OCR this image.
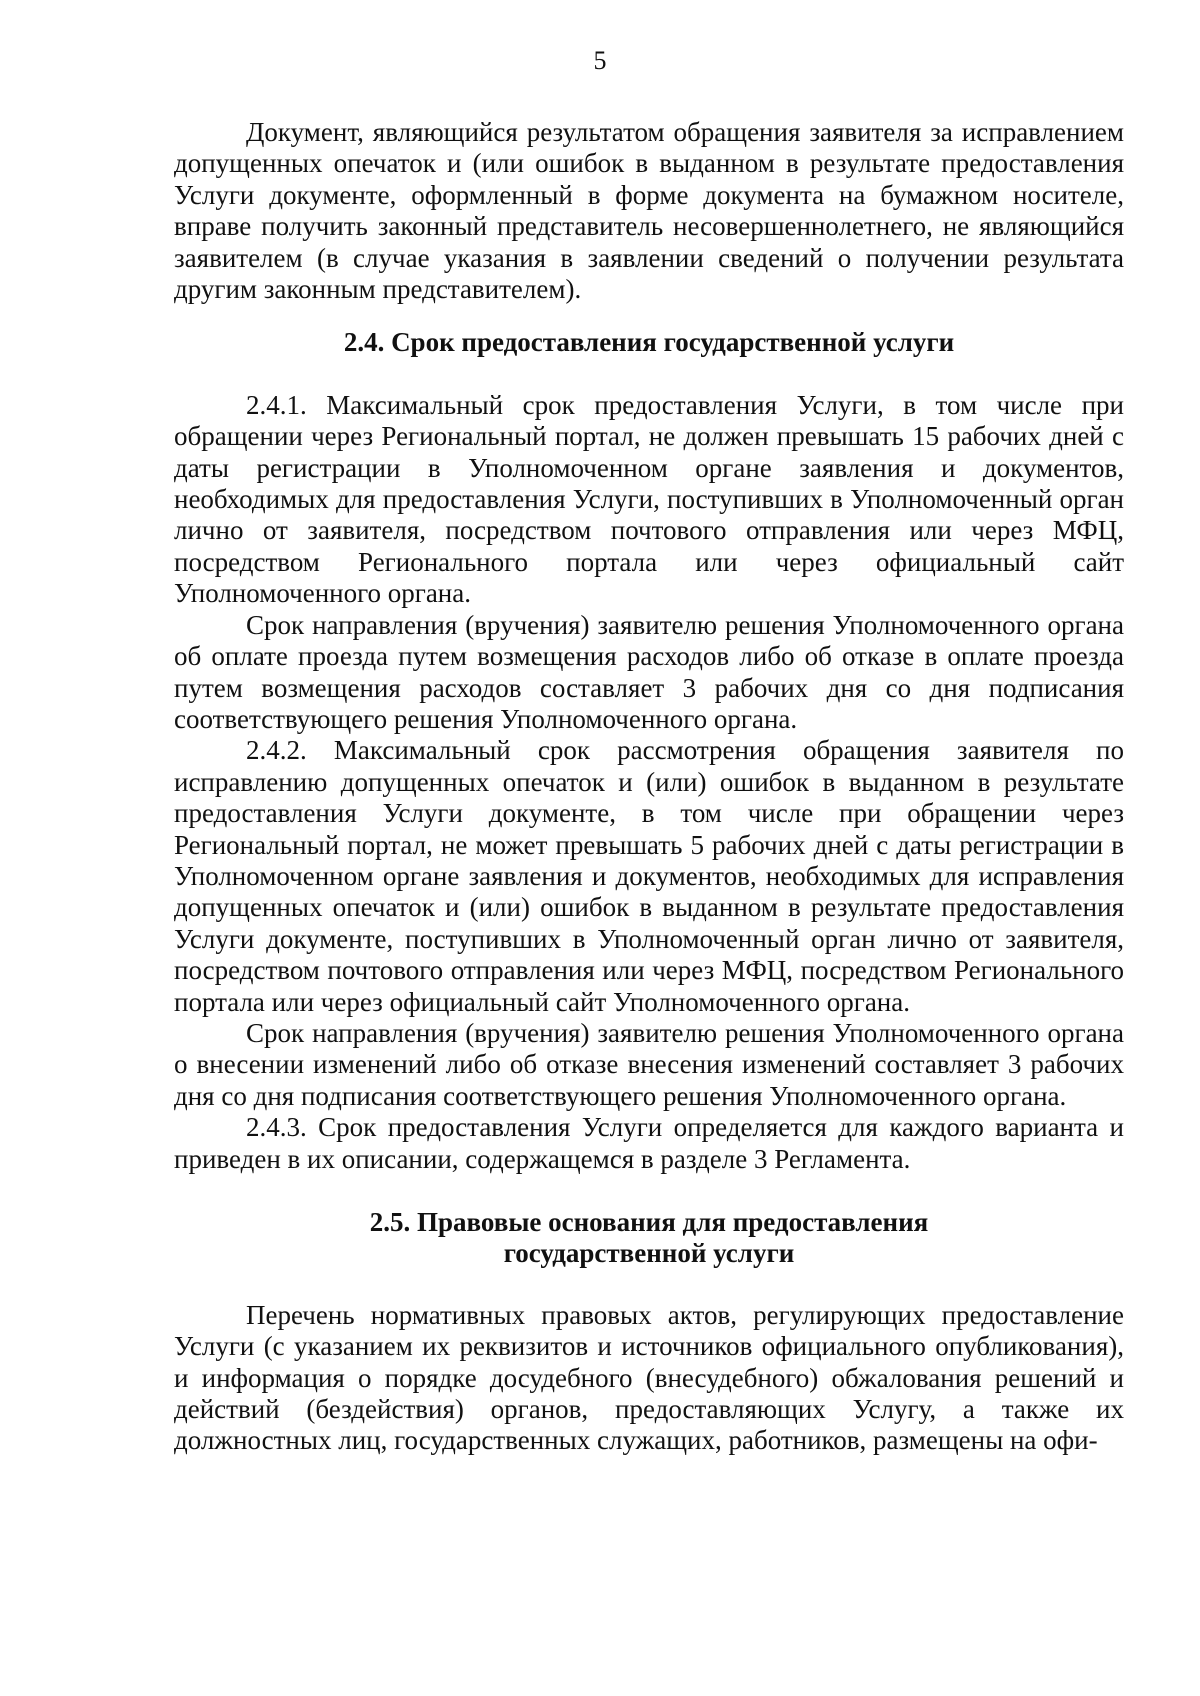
5

Документ, являющийся результатом обращения заявителя за исправлением допущенных опечаток и (или ошибок в выданном в результате предоставления Услуги документе, оформленный в форме документа на бумажном носителе, вправе получить законный представитель несовершеннолетнего, не являющийся заявителем (в случае указания в заявлении сведений о получении результата другим законным представителем).

2.4. Срок предоставления государственной услуги

2.4.1. Максимальный срок предоставления Услуги, в том числе при обращении через Региональный портал, не должен превышать 15 рабочих дней с даты регистрации в Уполномоченном органе заявления и документов, необходимых для предоставления Услуги, поступивших в Уполномоченный орган лично от заявителя, посредством почтового отправления или через МФЦ, посредством Регионального портала или через официальный сайт Уполномоченного органа.

Срок направления (вручения) заявителю решения Уполномоченного органа об оплате проезда путем возмещения расходов либо об отказе в оплате проезда путем возмещения расходов составляет 3 рабочих дня со дня подписания соответствующего решения Уполномоченного органа.

2.4.2. Максимальный срок рассмотрения обращения заявителя по исправлению допущенных опечаток и (или) ошибок в выданном в результате предоставления Услуги документе, в том числе при обращении через Региональный портал, не может превышать 5 рабочих дней с даты регистрации в Уполномоченном органе заявления и документов, необходимых для исправления допущенных опечаток и (или) ошибок в выданном в результате предоставления Услуги документе, поступивших в Уполномоченный орган лично от заявителя, посредством почтового отправления или через МФЦ, посредством Регионального портала или через официальный сайт Уполномоченного органа.

Срок направления (вручения) заявителю решения Уполномоченного органа о внесении изменений либо об отказе внесения изменений составляет 3 рабочих дня со дня подписания соответствующего решения Уполномоченного органа.

2.4.3. Срок предоставления Услуги определяется для каждого варианта и приведен в их описании, содержащемся в разделе 3 Регламента.

2.5. Правовые основания для предоставления
государственной услуги

Перечень нормативных правовых актов, регулирующих предоставление Услуги (с указанием их реквизитов и источников официального опубликования), и информация о порядке досудебного (внесудебного) обжалования решений и действий (бездействия) органов, предоставляющих Услугу, а также их должностных лиц, государственных служащих, работников, размещены на офи-
